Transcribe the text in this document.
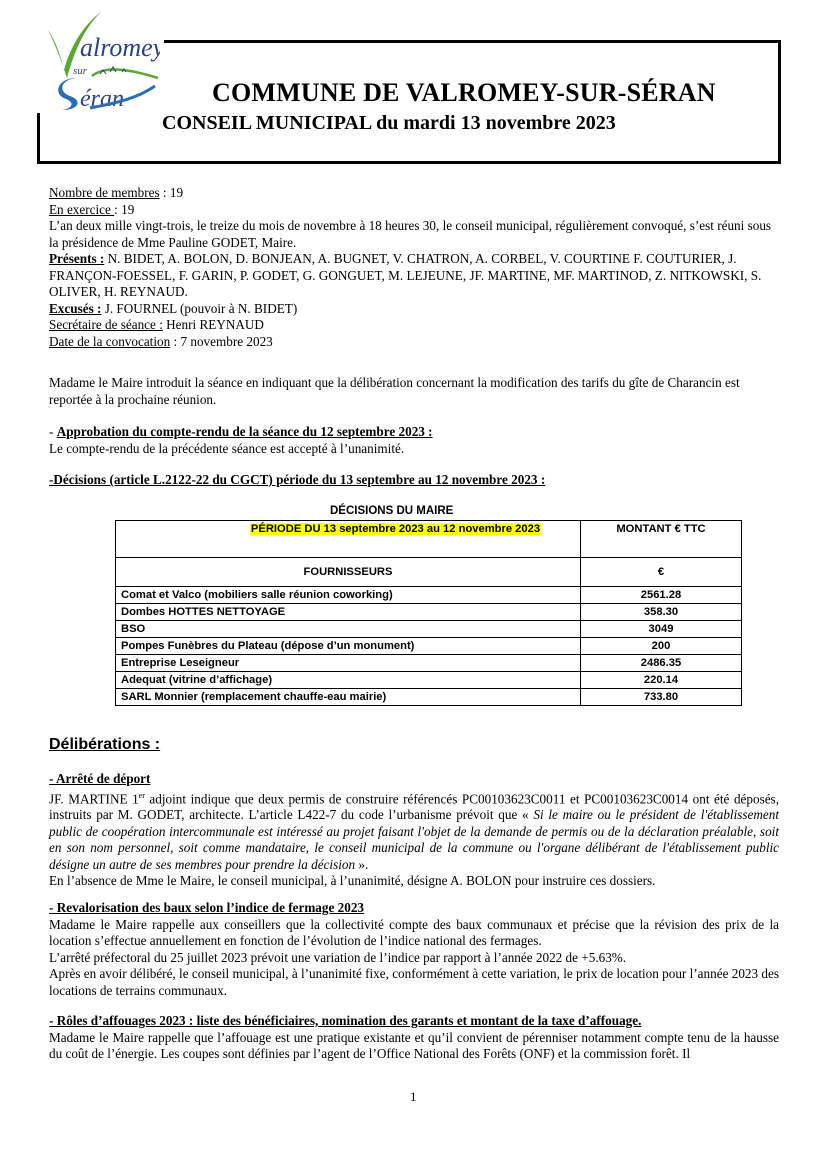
alromey
sur
éran	COMMUNE DE VALROMEY-SUR-SÉRAN
CONSEIL MUNICIPAL du mardi 13 novembre 2023
Nombre de membres : 19
En exercice : 19
L’an deux mille vingt-trois, le treize du mois de novembre à 18 heures 30, le conseil municipal, régulièrement convoqué, s’est réuni sous la présidence de Mme Pauline GODET, Maire.
Présents : N. BIDET, A. BOLON, D. BONJEAN, A. BUGNET, V. CHATRON, A. CORBEL, V. COURTINE F. COUTURIER, J. FRANÇON-FOESSEL, F. GARIN, P. GODET, G. GONGUET, M. LEJEUNE, JF. MARTINE, MF. MARTINOD, Z. NITKOWSKI, S. OLIVER, H. REYNAUD.
Excusés : J. FOURNEL (pouvoir à N. BIDET)
Secrétaire de séance : Henri REYNAUD
Date de la convocation : 7 novembre 2023
Madame le Maire introduit la séance en indiquant que la délibération concernant la modification des tarifs du gîte de Charancin est reportée à la prochaine réunion.
- Approbation du compte-rendu de la séance du 12 septembre 2023 :
Le compte-rendu de la précédente séance est accepté à l’unanimité.
-Décisions (article L.2122-22 du CGCT) période du 13 septembre au 12 novembre 2023 :
DÉCISIONS DU MAIRE
PÉRIODE DU 13 septembre 2023 au 12 novembre 2023	MONTANT € TTC
FOURNISSEURS	€
Comat et Valco (mobiliers salle réunion coworking)	2561.28
Dombes HOTTES NETTOYAGE	358.30
BSO	3049
Pompes Funèbres du Plateau (dépose d’un monument)	200
Entreprise Leseigneur	2486.35
Adequat (vitrine d’affichage)	220.14
SARL Monnier (remplacement chauffe-eau mairie)	733.80
Délibérations :
- Arrêté de déport
JF. MARTINE 1er adjoint indique que deux permis de construire référencés PC00103623C0011 et PC00103623C0014 ont été déposés, instruits par M. GODET, architecte. L’article L422-7 du code l’urbanisme prévoit que « Si le maire ou le président de l'établissement public de coopération intercommunale est intéressé au projet faisant l'objet de la demande de permis ou de la déclaration préalable, soit en son nom personnel, soit comme mandataire, le conseil municipal de la commune ou l'organe délibérant de l'établissement public désigne un autre de ses membres pour prendre la décision ».
En l’absence de Mme le Maire, le conseil municipal, à l’unanimité, désigne A. BOLON pour instruire ces dossiers.
- Revalorisation des baux selon l’indice de fermage 2023
Madame le Maire rappelle aux conseillers que la collectivité compte des baux communaux et précise que la révision des prix de la location s’effectue annuellement en fonction de l’évolution de l’indice national des fermages.
L’arrêté préfectoral du 25 juillet 2023 prévoit une variation de l’indice par rapport à l’année 2022 de +5.63%.
Après en avoir délibéré, le conseil municipal, à l’unanimité fixe, conformément à cette variation, le prix de location pour l’année 2023 des locations de terrains communaux.
- Rôles d’affouages 2023 : liste des bénéficiaires, nomination des garants et montant de la taxe d’affouage.
Madame le Maire rappelle que l’affouage est une pratique existante et qu’il convient de pérenniser notamment compte tenu de la hausse du coût de l’énergie. Les coupes sont définies par l’agent de l’Office National des Forêts (ONF) et la commission forêt. Il
1
